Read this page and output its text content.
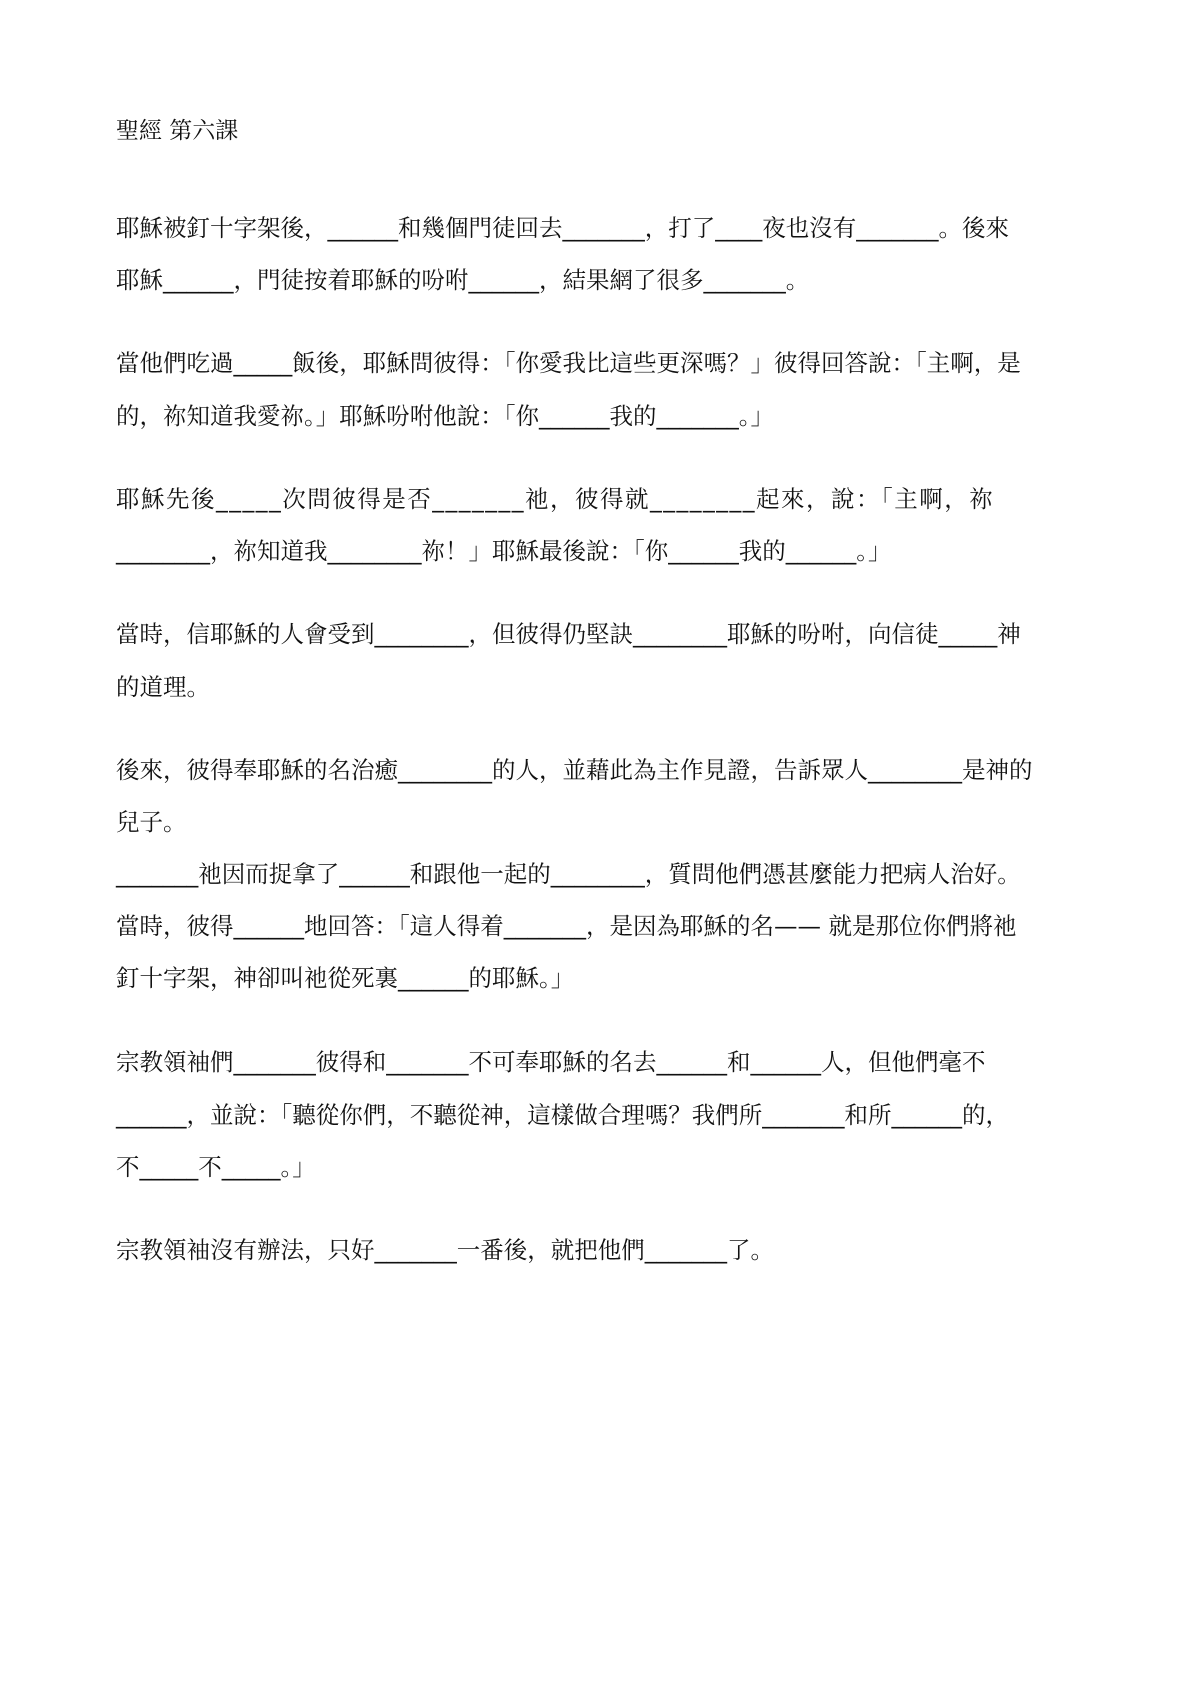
聖經 第六課
耶穌被釘十字架後，______和幾個門徒回去_______，打了____夜也沒有_______。後來
耶穌______，門徒按着耶穌的吩咐______，結果網了很多_______。
當他們吃過_____飯後，耶穌問彼得：「你愛我比這些更深嗎？」彼得回答說：「主啊，是
的，祢知道我愛祢。」耶穌吩咐他說：「你______我的_______。」
耶穌先後_____次問彼得是否_______祂，彼得就________起來，說：「主啊，祢
________，祢知道我________祢！」耶穌最後說：「你______我的______。」
當時，信耶穌的人會受到________，但彼得仍堅訣________耶穌的吩咐，向信徒_____神
的道理。
後來，彼得奉耶穌的名治癒________的人，並藉此為主作見證，告訴眾人________是神的
兒子。
_______祂因而捉拿了______和跟他一起的________，質問他們憑甚麼能力把病人治好。
當時，彼得______地回答：「這人得着_______，是因為耶穌的名—— 就是那位你們將祂
釘十字架，神卻叫祂從死裏______的耶穌。」
宗教領袖們_______彼得和_______不可奉耶穌的名去______和______人，但他們毫不
______，並說：「聽從你們，不聽從神，這樣做合理嗎？我們所_______和所______的，
不_____不_____。」
宗教領袖沒有辦法，只好_______一番後，就把他們_______了。
